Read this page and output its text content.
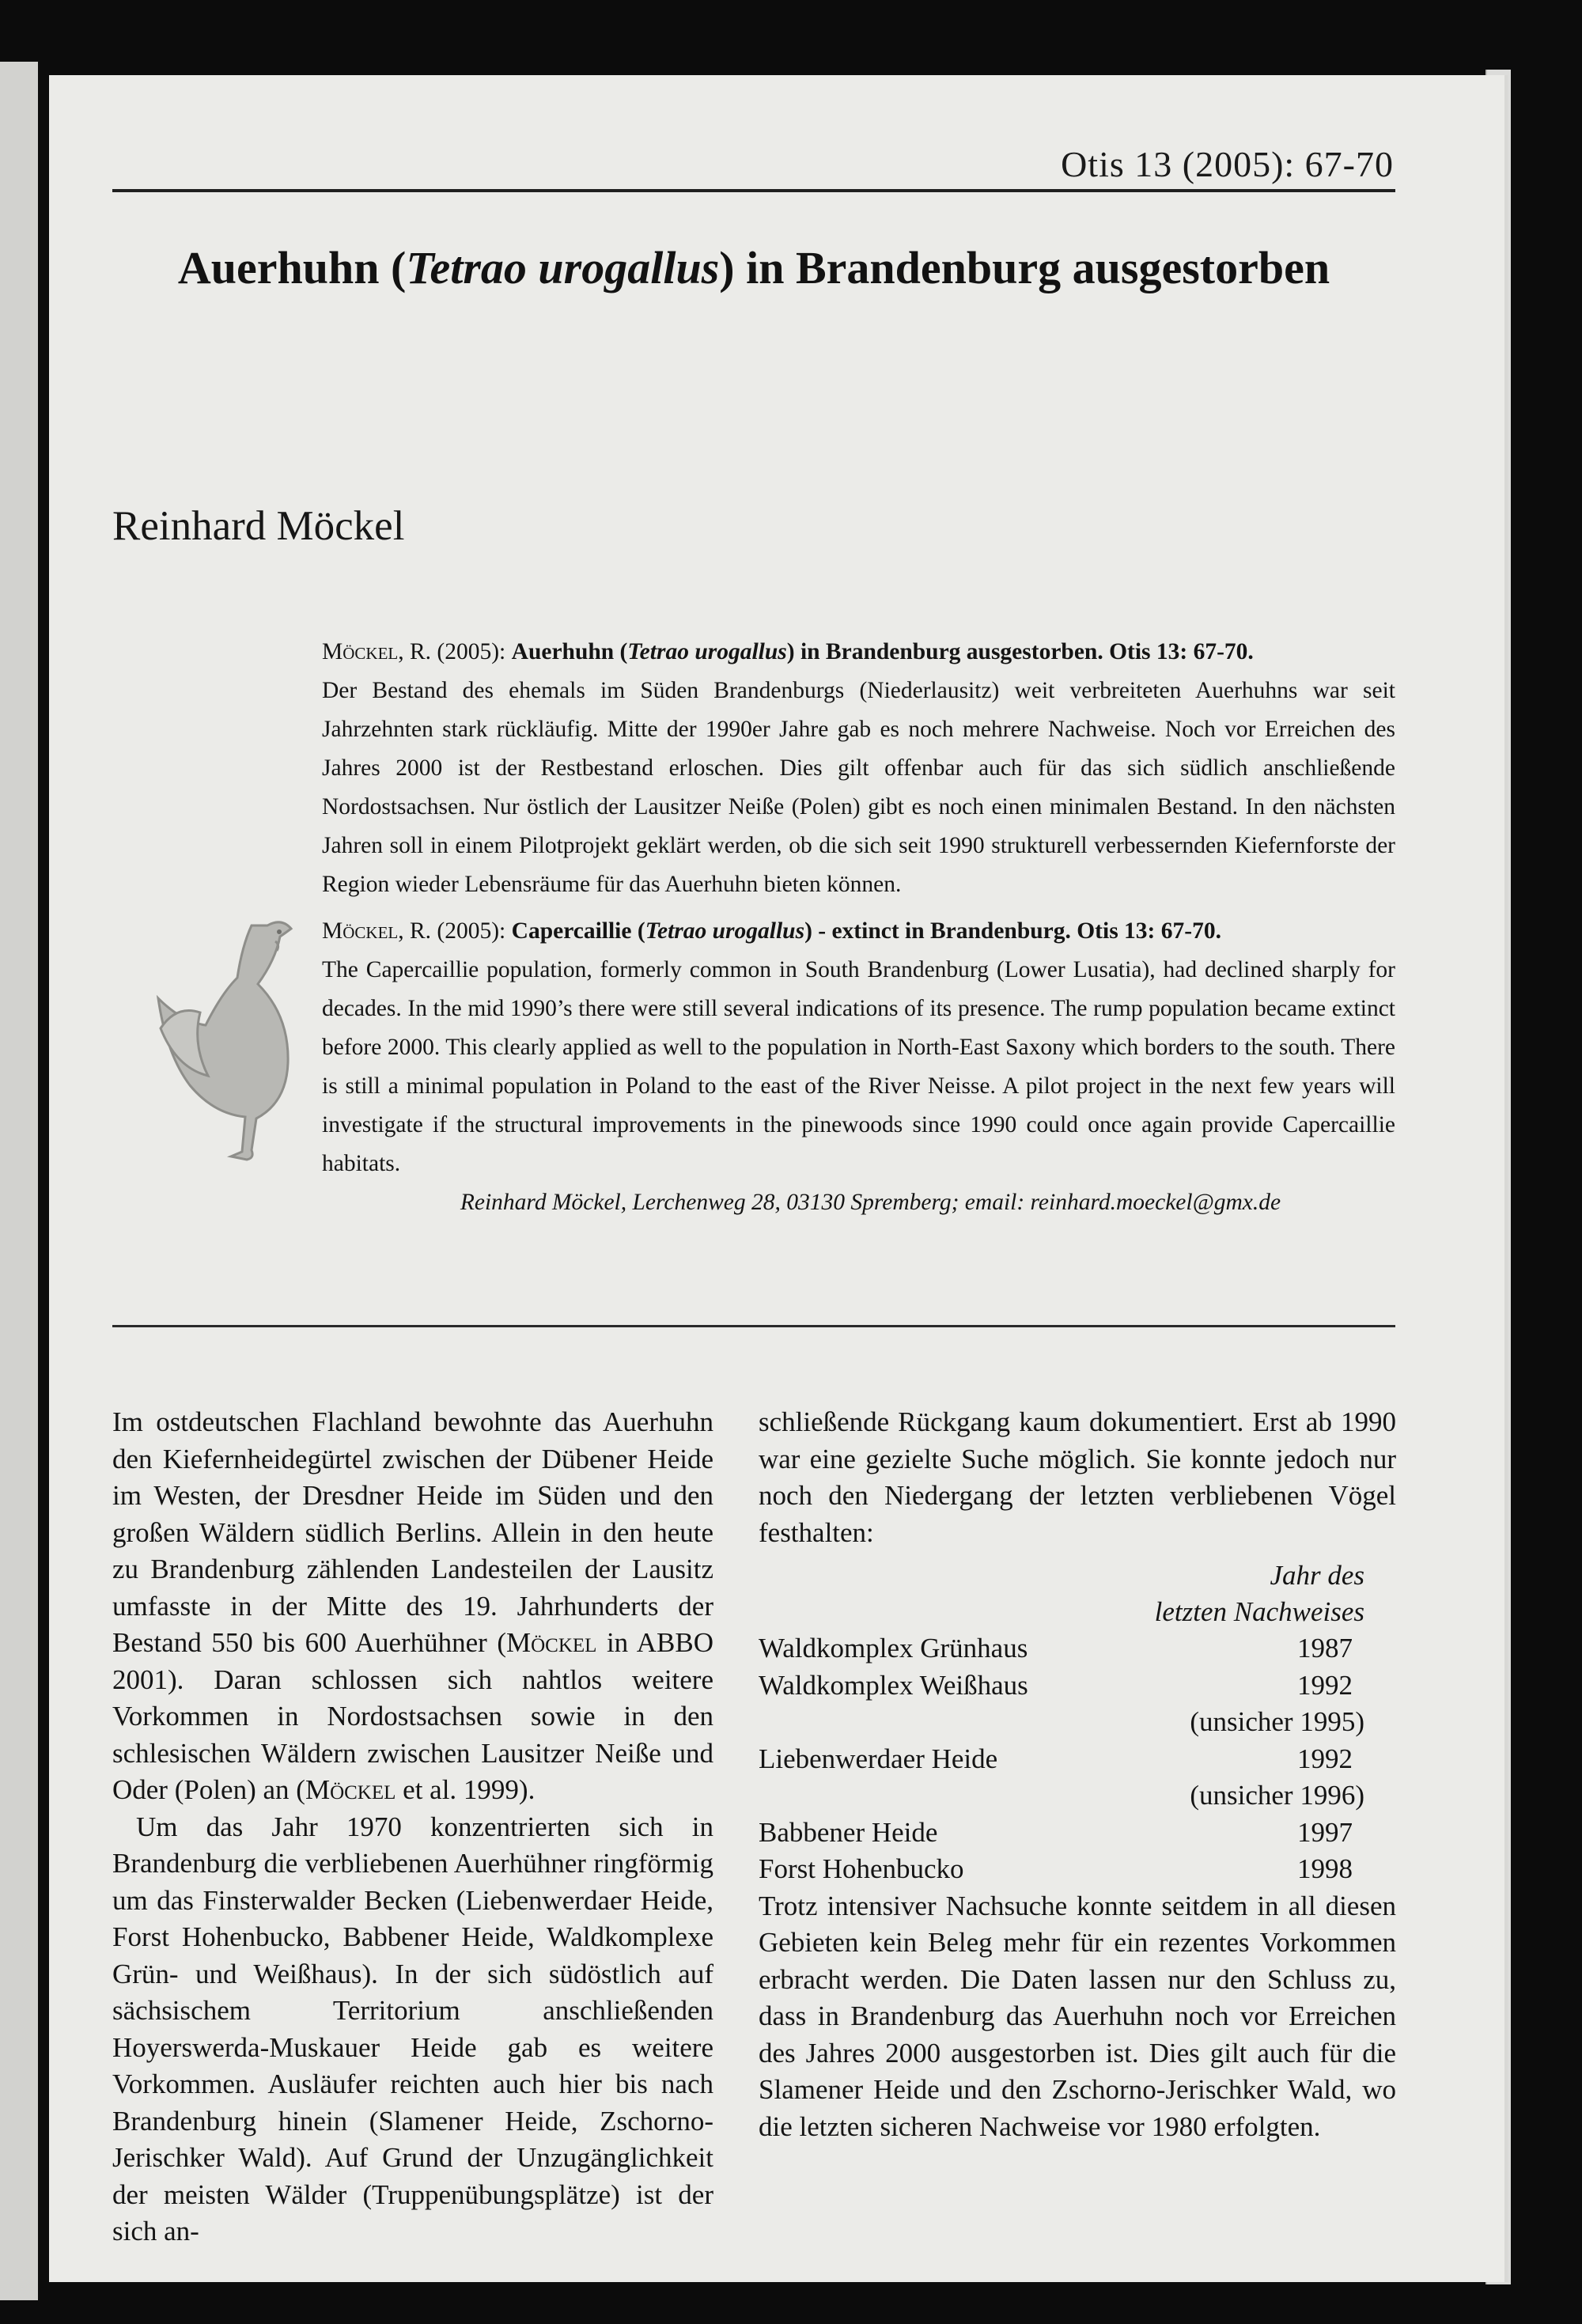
Otis 13 (2005): 67-70
Auerhuhn (Tetrao urogallus) in Brandenburg ausgestorben
Reinhard Möckel

Möckel, R. (2005): Auerhuhn (Tetrao urogallus) in Brandenburg ausgestorben. Otis 13: 67-70.

Der Bestand des ehemals im Süden Brandenburgs (Niederlausitz) weit verbreiteten Auerhuhns war seit Jahrzehnten stark rückläufig. Mitte der 1990er Jahre gab es noch mehrere Nachweise. Noch vor Erreichen des Jahres 2000 ist der Restbestand erloschen. Dies gilt offenbar auch für das sich südlich anschließende Nordostsachsen. Nur östlich der Lausitzer Neiße (Polen) gibt es noch einen minimalen Bestand. In den nächsten Jahren soll in einem Pilotprojekt geklärt werden, ob die sich seit 1990 strukturell verbessernden Kiefernforste der Region wieder Lebensräume für das Auerhuhn bieten können.

Möckel, R. (2005): Capercaillie (Tetrao urogallus) - extinct in Brandenburg. Otis 13: 67-70.

The Capercaillie population, formerly common in South Brandenburg (Lower Lusatia), had declined sharply for decades. In the mid 1990’s there were still several indications of its presence. The rump population became extinct before 2000. This clearly applied as well to the population in North-East Saxony which borders to the south. There is still a minimal population in Poland to the east of the River Neisse. A pilot project in the next few years will investigate if the structural improvements in the pinewoods since 1990 could once again provide Capercaillie habitats.

Reinhard Möckel, Lerchenweg 28, 03130 Spremberg; email: reinhard.moeckel@gmx.de

Im ostdeutschen Flachland bewohnte das Auerhuhn den Kiefernheidegürtel zwischen der Dübener Heide im Westen, der Dresdner Heide im Süden und den großen Wäldern südlich Berlins. Allein in den heute zu Brandenburg zählenden Landesteilen der Lausitz umfasste in der Mitte des 19. Jahrhunderts der Bestand 550 bis 600 Auerhühner (Möckel in ABBO 2001). Daran schlossen sich nahtlos weitere Vorkommen in Nordostsachsen sowie in den schlesischen Wäldern zwischen Lausitzer Neiße und Oder (Polen) an (Möckel et al. 1999).

Um das Jahr 1970 konzentrierten sich in Brandenburg die verbliebenen Auerhühner ringförmig um das Finsterwalder Becken (Liebenwerdaer Heide, Forst Hohenbucko, Babbener Heide, Waldkomplexe Grün- und Weißhaus). In der sich südöstlich auf sächsischem Territorium anschließenden Hoyerswerda-Muskauer Heide gab es weitere Vorkommen. Ausläufer reichten auch hier bis nach Brandenburg hinein (Slamener Heide, Zschorno-Jerischker Wald). Auf Grund der Unzugänglichkeit der meisten Wälder (Truppenübungsplätze) ist der sich an-

schließende Rückgang kaum dokumentiert. Erst ab 1990 war eine gezielte Suche möglich. Sie konnte jedoch nur noch den Niedergang der letzten verbliebenen Vögel festhalten:

Jahr des
letzten Nachweises
Waldkomplex Grünhaus	1987
Waldkomplex Weißhaus	1992
(unsicher 1995)
Liebenwerdaer Heide	1992
(unsicher 1996)
Babbener Heide	1997
Forst Hohenbucko	1998

Trotz intensiver Nachsuche konnte seitdem in all diesen Gebieten kein Beleg mehr für ein rezentes Vorkommen erbracht werden. Die Daten lassen nur den Schluss zu, dass in Brandenburg das Auerhuhn noch vor Erreichen des Jahres 2000 ausgestorben ist. Dies gilt auch für die Slamener Heide und den Zschorno-Jerischker Wald, wo die letzten sicheren Nachweise vor 1980 erfolgten.
